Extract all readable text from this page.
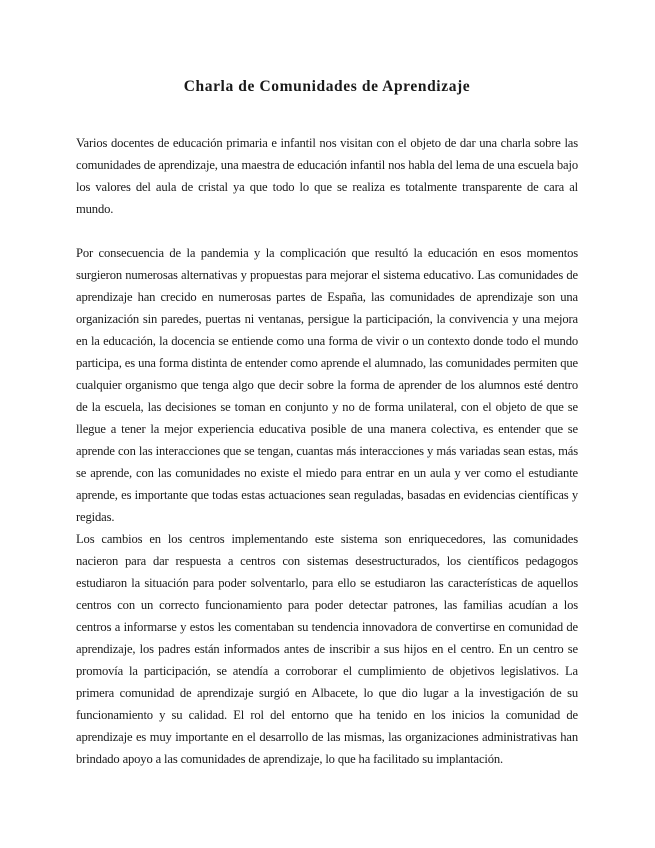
Charla de Comunidades de Aprendizaje

Varios docentes de educación primaria e infantil nos visitan con el objeto de dar una charla sobre las comunidades de aprendizaje, una maestra de educación infantil nos habla del lema de una escuela bajo los valores del aula de cristal ya que todo lo que se realiza es totalmente transparente de cara al mundo.

Por consecuencia de la pandemia y la complicación que resultó la educación en esos momentos surgieron numerosas alternativas y propuestas para mejorar el sistema educativo. Las comunidades de aprendizaje han crecido en numerosas partes de España, las comunidades de aprendizaje son una organización sin paredes, puertas ni ventanas, persigue la participación, la convivencia y una mejora en la educación, la docencia se entiende como una forma de vivir o un contexto donde todo el mundo participa, es una forma distinta de entender como aprende el alumnado, las comunidades permiten que cualquier organismo que tenga algo que decir sobre la forma de aprender de los alumnos esté dentro de la escuela, las decisiones se toman en conjunto y no de forma unilateral, con el objeto de que se llegue a tener la mejor experiencia educativa posible de una manera colectiva, es entender que se aprende con las interacciones que se tengan, cuantas más interacciones y más variadas sean estas, más se aprende, con las comunidades no existe el miedo para entrar en un aula y ver como el estudiante aprende, es importante que todas estas actuaciones sean reguladas, basadas en evidencias científicas y regidas.

Los cambios en los centros implementando este sistema son enriquecedores, las comunidades nacieron para dar respuesta a centros con sistemas desestructurados, los científicos pedagogos estudiaron la situación para poder solventarlo, para ello se estudiaron las características de aquellos centros con un correcto funcionamiento para poder detectar patrones, las familias acudían a los centros a informarse y estos les comentaban su tendencia innovadora de convertirse en comunidad de aprendizaje, los padres están informados antes de inscribir a sus hijos en el centro. En un centro se promovía la participación, se atendía a corroborar el cumplimiento de objetivos legislativos. La primera comunidad de aprendizaje surgió en Albacete, lo que dio lugar a la investigación de su funcionamiento y su calidad. El rol del entorno que ha tenido en los inicios la comunidad de aprendizaje es muy importante en el desarrollo de las mismas, las organizaciones administrativas han brindado apoyo a las comunidades de aprendizaje, lo que ha facilitado su implantación.
